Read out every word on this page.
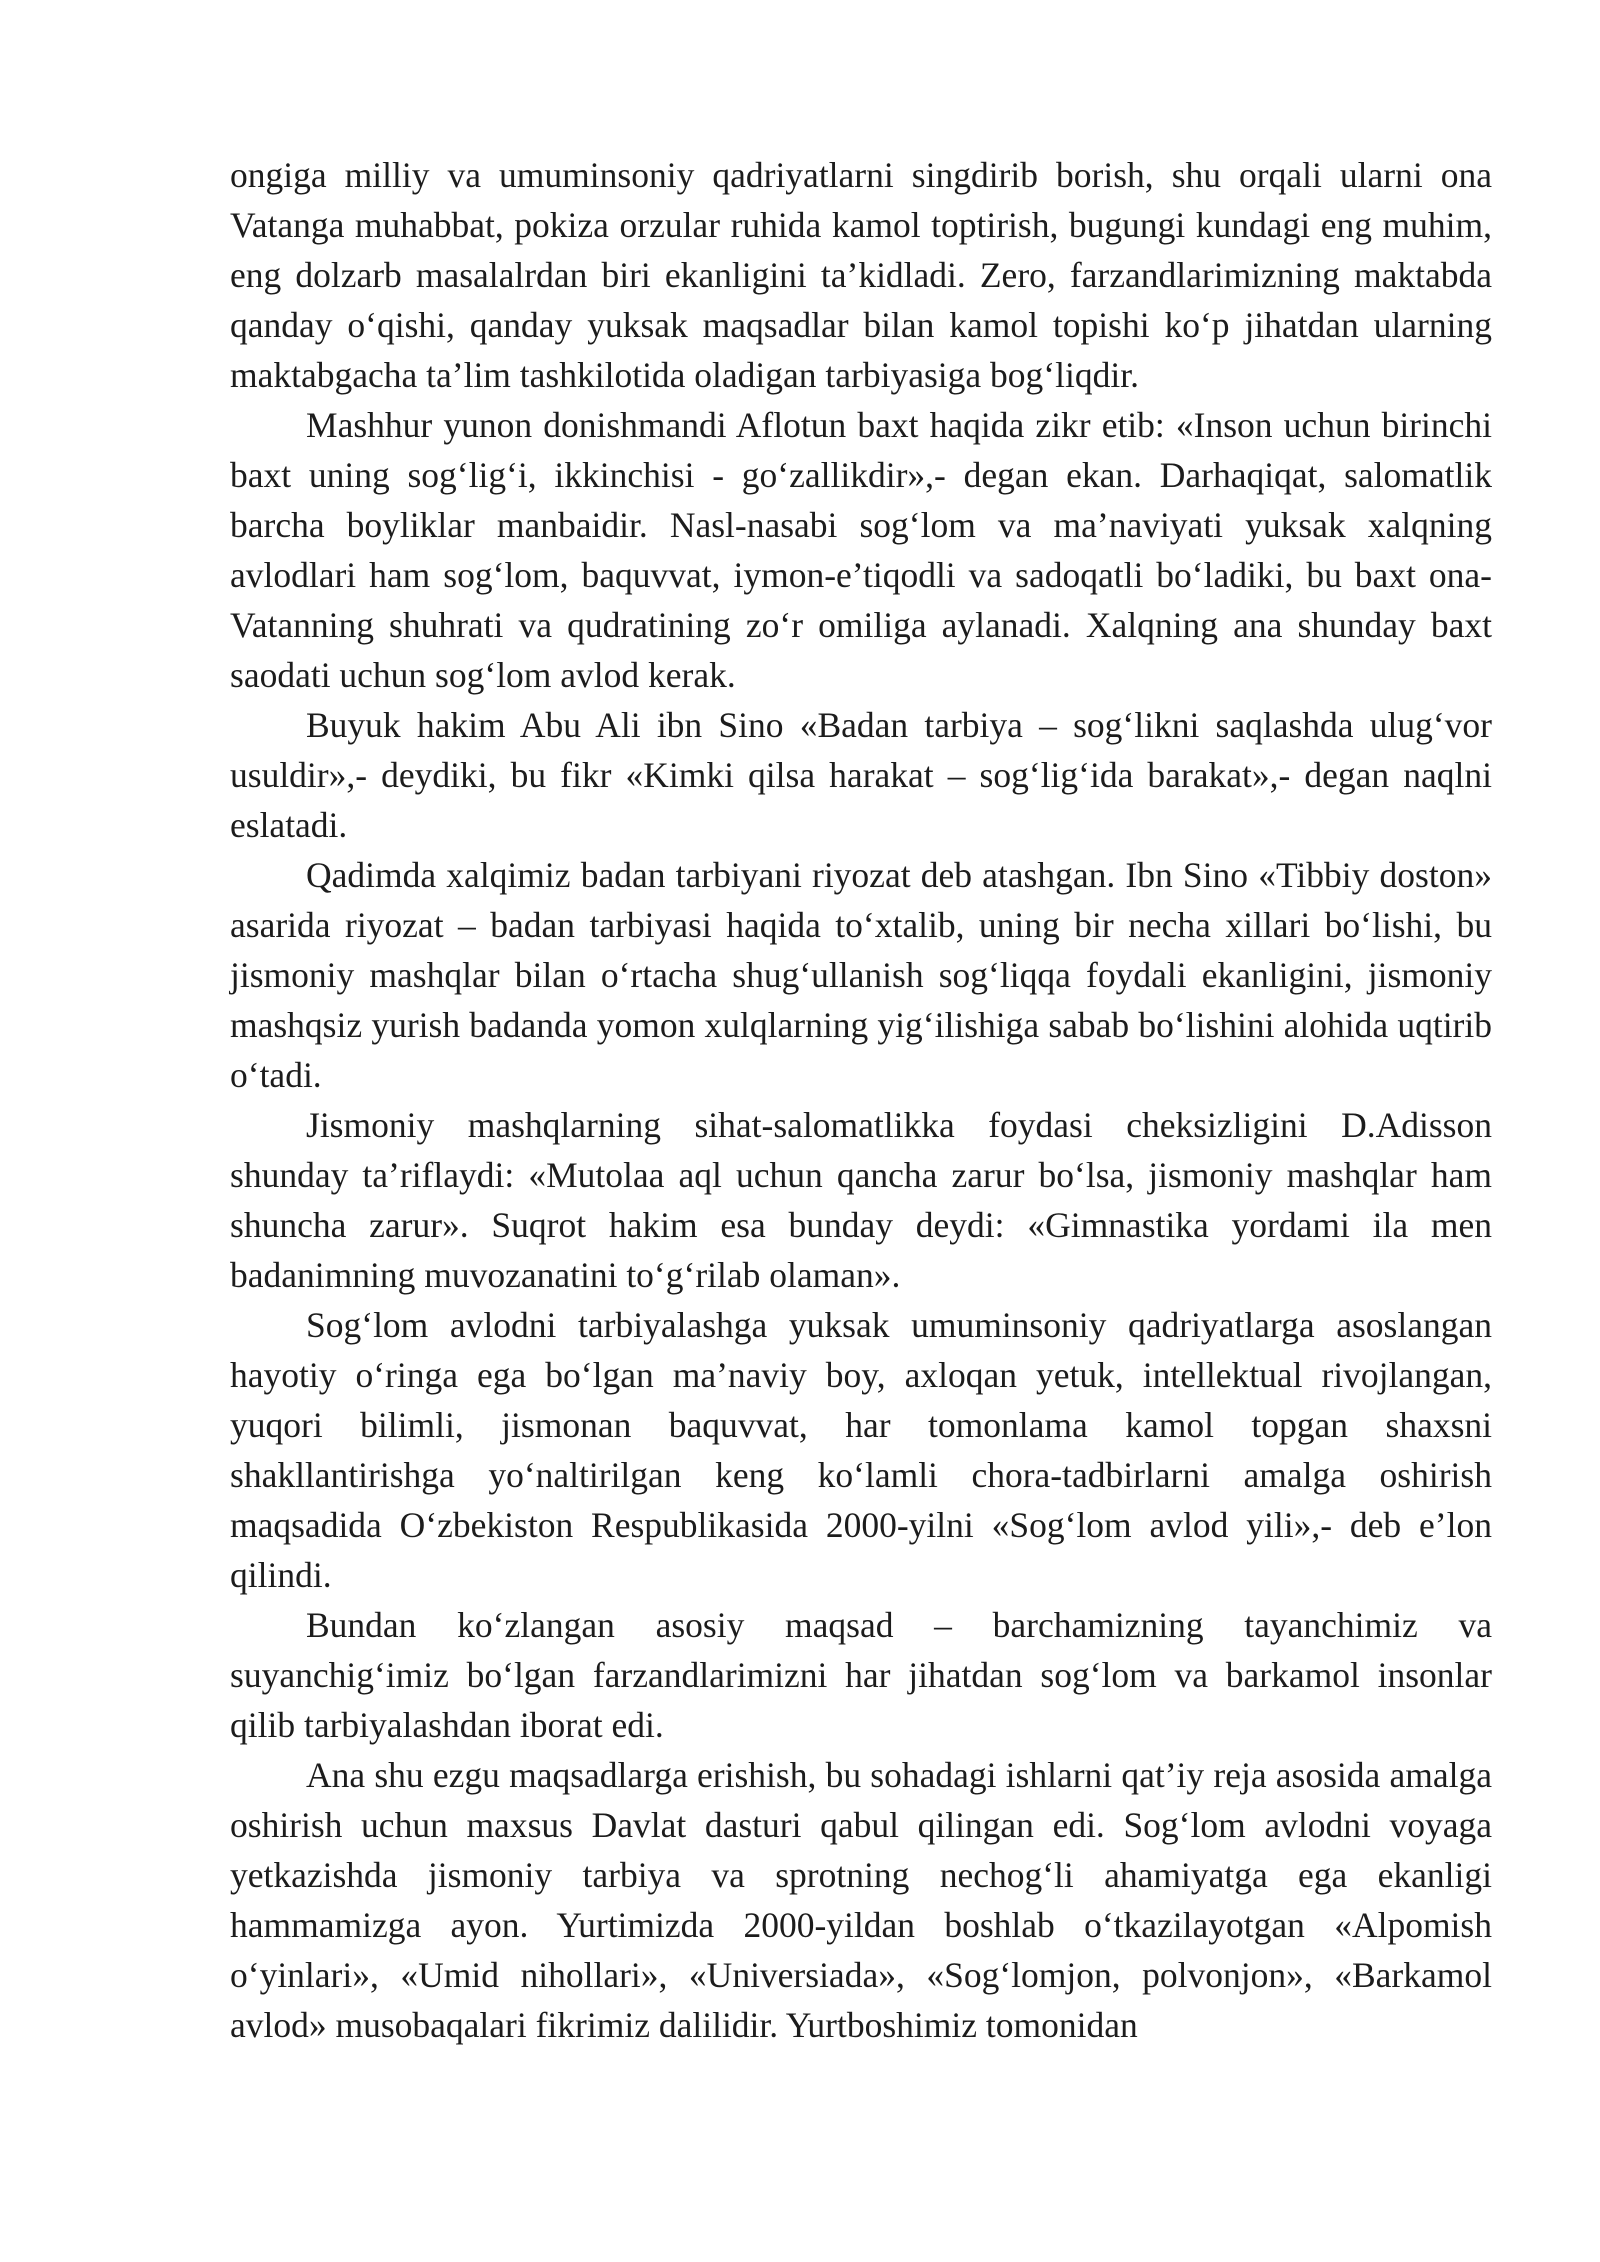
ongiga milliy va umuminsoniy qadriyatlarni singdirib borish, shu orqali ularni ona Vatanga muhabbat, pokiza orzular ruhida kamol toptirish, bugungi kundagi eng muhim, eng dolzarb masalalrdan biri ekanligini ta’kidladi. Zero, farzandlarimizning maktabda qanday o‘qishi, qanday yuksak maqsadlar bilan kamol topishi ko‘p jihatdan ularning maktabgacha ta’lim tashkilotida oladigan tarbiyasiga bog‘liqdir.

Mashhur yunon donishmandi Aflotun baxt haqida zikr etib: «Inson uchun birinchi baxt uning sog‘lig‘i, ikkinchisi - go‘zallikdir»,- degan ekan. Darhaqiqat, salomatlik barcha boyliklar manbaidir. Nasl-nasabi sog‘lom va ma’naviyati yuksak xalqning avlodlari ham sog‘lom, baquvvat, iymon-e’tiqodli va sadoqatli bo‘ladiki, bu baxt ona-Vatanning shuhrati va qudratining zo‘r omiliga aylanadi. Xalqning ana shunday baxt saodati uchun sog‘lom avlod kerak.

Buyuk hakim Abu Ali ibn Sino «Badan tarbiya – sog‘likni saqlashda ulug‘vor usuldir»,- deydiki, bu fikr «Kimki qilsa harakat – sog‘lig‘ida barakat»,- degan naqlni eslatadi.

Qadimda xalqimiz badan tarbiyani riyozat deb atashgan. Ibn Sino «Tibbiy doston» asarida riyozat – badan tarbiyasi haqida to‘xtalib, uning bir necha xillari bo‘lishi, bu jismoniy mashqlar bilan o‘rtacha shug‘ullanish sog‘liqqa foydali ekanligini, jismoniy mashqsiz yurish badanda yomon xulqlarning yig‘ilishiga sabab bo‘lishini alohida uqtirib o‘tadi.

Jismoniy mashqlarning sihat-salomatlikka foydasi cheksizligini D.Adisson shunday ta’riflaydi: «Mutolaa aql uchun qancha zarur bo‘lsa, jismoniy mashqlar ham shuncha zarur». Suqrot hakim esa bunday deydi: «Gimnastika yordami ila men badanimning muvozanatini to‘g‘rilab olaman».

Sog‘lom avlodni tarbiyalashga yuksak umuminsoniy qadriyatlarga asoslangan hayotiy o‘ringa ega bo‘lgan ma’naviy boy, axloqan yetuk, intellektual rivojlangan, yuqori bilimli, jismonan baquvvat, har tomonlama kamol topgan shaxsni shakllantirishga yo‘naltirilgan keng ko‘lamli chora-tadbirlarni amalga oshirish maqsadida O‘zbekiston Respublikasida 2000-yilni «Sog‘lom avlod yili»,- deb e’lon qilindi.

Bundan ko‘zlangan asosiy maqsad – barchamizning tayanchimiz va suyanchig‘imiz bo‘lgan farzandlarimizni har jihatdan sog‘lom va barkamol insonlar qilib tarbiyalashdan iborat edi.

Ana shu ezgu maqsadlarga erishish, bu sohadagi ishlarni qat’iy reja asosida amalga oshirish uchun maxsus Davlat dasturi qabul qilingan edi. Sog‘lom avlodni voyaga yetkazishda jismoniy tarbiya va sprotning nechog‘li ahamiyatga ega ekanligi hammamizga ayon. Yurtimizda 2000-yildan boshlab o‘tkazilayotgan «Alpomish o‘yinlari», «Umid nihollari», «Universiada», «Sog‘lomjon, polvonjon», «Barkamol avlod» musobaqalari fikrimiz dalilidir. Yurtboshimiz tomonidan
